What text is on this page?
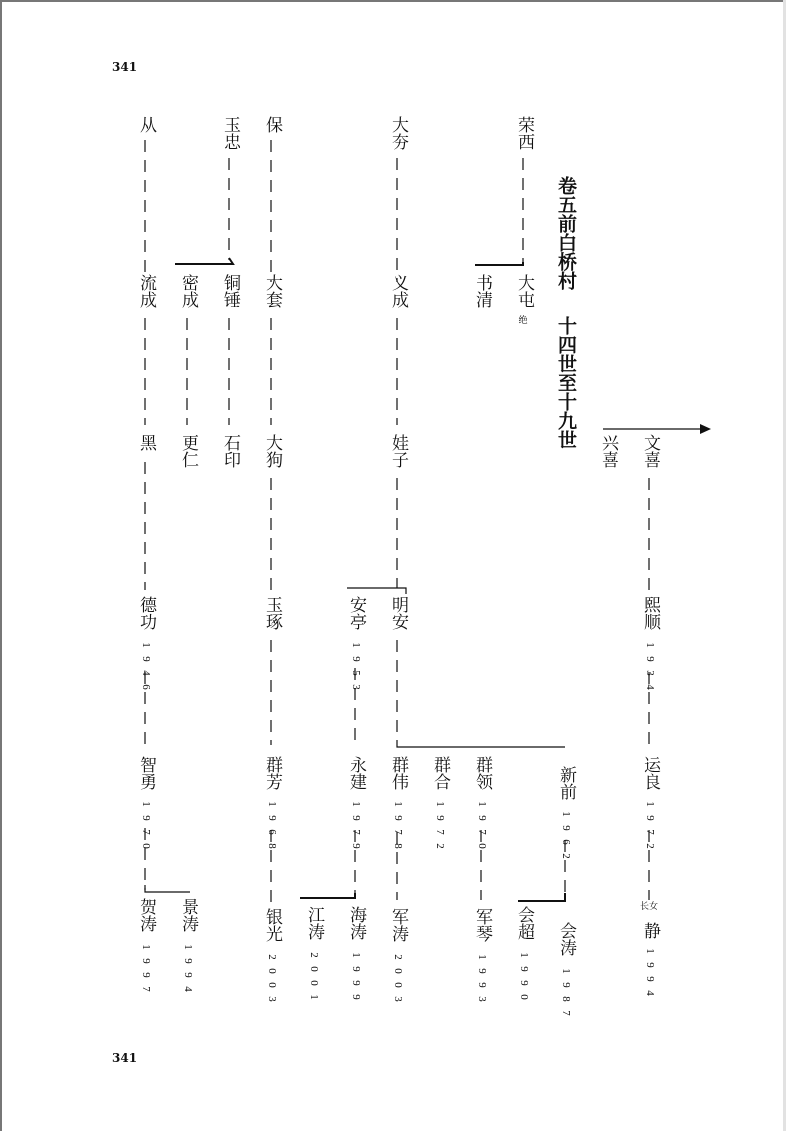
341
341
卷五前白桥村
十四世至十九世
荣西
大屯
绝
书清
大夯
义成
娃子
明安
安亭
保
大套
大狗
玉琢
群芳
银光
玉忠
铜锤
石印
密成
更仁
从
流成
黑
德功
智勇
贺涛 景涛
永建
海涛
江涛
群伟
军涛
群合 群领
军琴
新前
会涛
会超
文喜
兴喜
熙顺
运良
长女
静
1
9
5
3
1
9
7
9
1
9
9
9
2
0
0
1
1
9
6
8
2
0
0
3
1
9
4
6
1
9
7
0
1
9
9
7
1
9
9
4
1
9
7
8
2
0
0
3
1
9
7
2
1
9
7
0
1
9
9
3
1
9
6
2
1
9
8
7
1
9
9
0
1
9
3
4
1
9
7
2
1
9
9
4
